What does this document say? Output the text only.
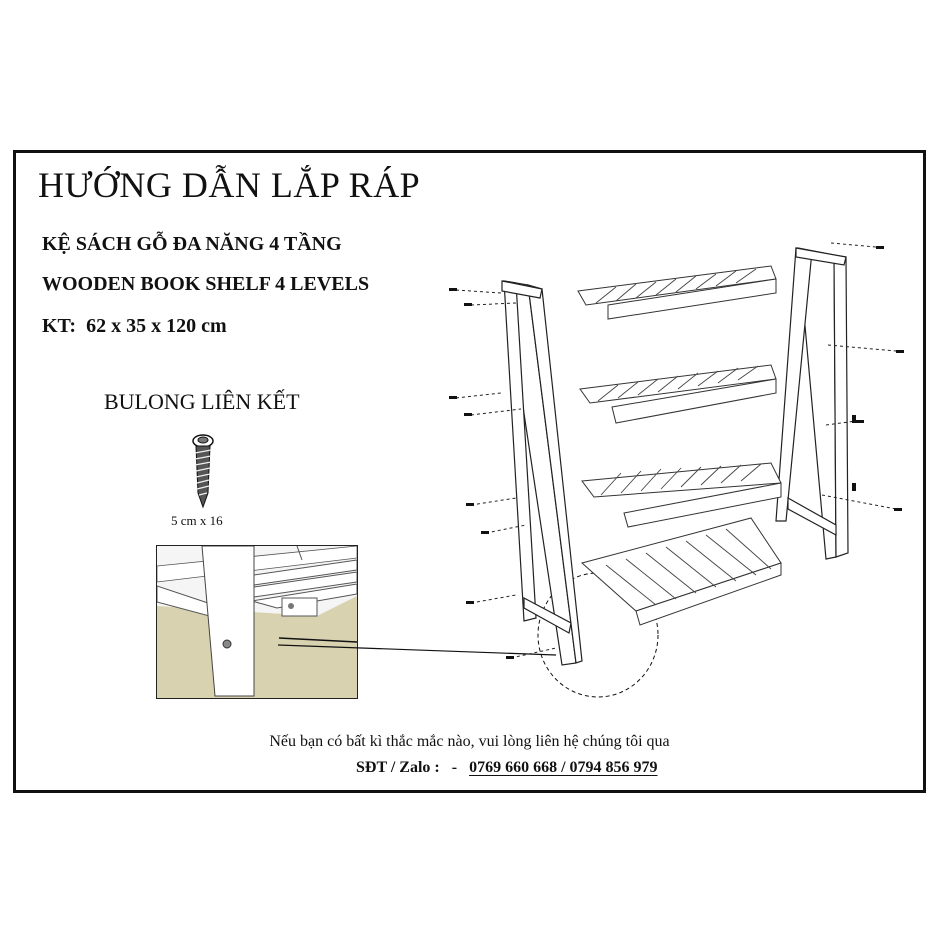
HƯỚNG DẪN LẮP RÁP
KỆ SÁCH GỖ ĐA NĂNG 4 TẦNG
WOODEN BOOK SHELF 4 LEVELS
KT: 62 x 35 x 120 cm
BULONG LIÊN KẾT
5 cm x 16
Nếu bạn có bất kì thắc mắc nào, vui lòng liên hệ chúng tôi qua
SĐT / Zalo : - 0769 660 668 / 0794 856 979
